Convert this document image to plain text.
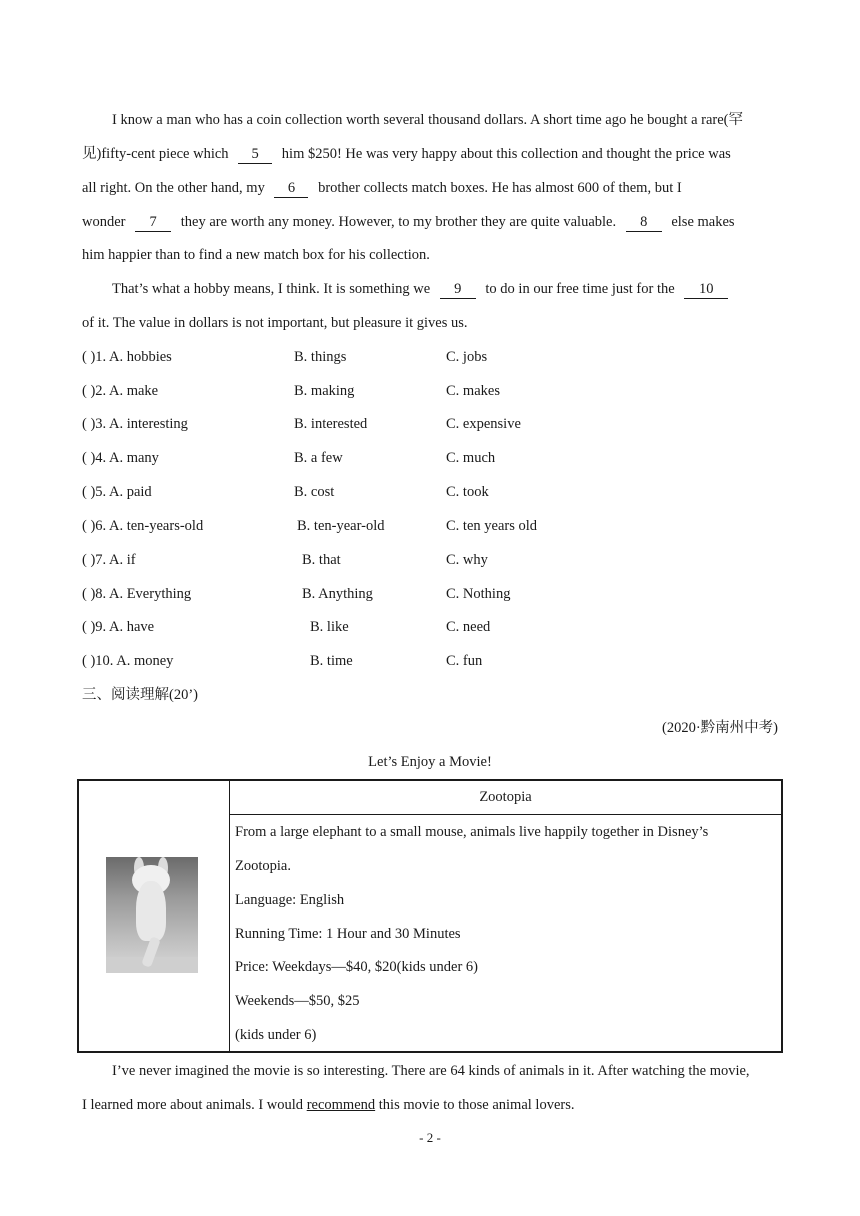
I know a man who has a coin collection worth several thousand dollars. A short time ago he bought a rare(罕
见)fifty-cent piece which 5 him $250! He was very happy about this collection and thought the price was
all right. On the other hand, my 6 brother collects match boxes. He has almost 600 of them, but I
wonder 7 they are worth any money. However, to my brother they are quite valuable. 8 else makes
him happier than to find a new match box for his collection.
That’s what a hobby means, I think. It is something we 9 to do in our free time just for the 10
of it. The value in dollars is not important, but pleasure it gives us.
( )1. A. hobbies	B. things	C. jobs
( )2. A. make	B. making	C. makes
( )3. A. interesting	B. interested	C. expensive
( )4. A. many	B. a few	C. much
( )5. A. paid	B. cost	C. took
( )6. A. ten-years-old	B. ten-year-old	C. ten years old
( )7. A. if	B. that	C. why
( )8. A. Everything	B. Anything	C. Nothing
( )9. A. have	B. like	C. need
( )10. A. money	B. time	C. fun
三、阅读理解(20’)
(2020·黔南州中考)
Let’s Enjoy a Movie!
	Zootopia

From a large elephant to a small mouse, animals live happily together in Disney’s
Zootopia.
Language: English
Running Time: 1 Hour and 30 Minutes
Price: Weekdays—$40, $20(kids under 6)
Weekends—$50, $25
(kids under 6)
I’ve never imagined the movie is so interesting. There are 64 kinds of animals in it. After watching the movie,
I learned more about animals. I would recommend this movie to those animal lovers.
- 2 -
